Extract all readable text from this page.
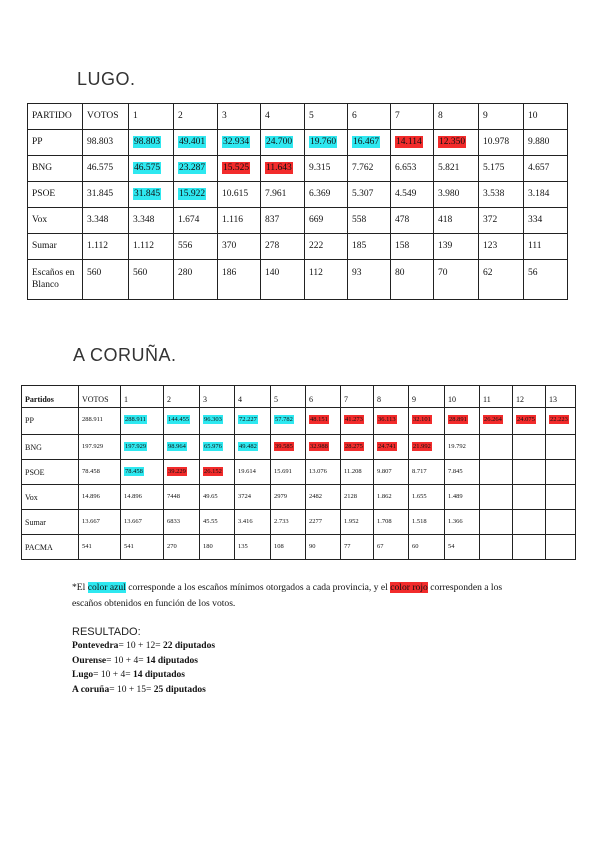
LUGO.
PARTIDO	VOTOS	1	2	3	4	5	6	7	8	9	10
PP	98.803	98.803	49.401	32.934	24.700	19.760	16.467	14.114	12.350	10.978	9.880
BNG	46.575	46.575	23.287	15.525	11.643	9.315	7.762	6.653	5.821	5.175	4.657
PSOE	31.845	31.845	15.922	10.615	7.961	6.369	5.307	4.549	3.980	3.538	3.184
Vox	3.348	3.348	1.674	1.116	837	669	558	478	418	372	334
Sumar	1.112	1.112	556	370	278	222	185	158	139	123	111
Escaños en Blanco	560	560	280	186	140	112	93	80	70	62	56
A CORUÑA.
Partidos	VOTOS	1	2	3	4	5	6	7	8	9	10	11	12	13
PP	288.911	288.911	144.455	96.303	72.227	57.782	48.151	41.273	36.113	32.101	28.891	26.264	24.075	22.223
BNG	197.929	197.929	98.964	65.976	49.482	39.585	32.988	28.275	24.741	21.992	19.792			
PSOE	78.458	78.458	39.229	26.152	19.614	15.691	13.076	11.208	9.807	8.717	7.845			
Vox	14.896	14.896	7448	49.65	3724	2979	2482	2128	1.862	1.655	1.489			
Sumar	13.667	13.667	6833	45.55	3.416	2.733	2277	1.952	1.708	1.518	1.366			
PACMA	541	541	270	180	135	108	90	77	67	60	54			

*El color azul corresponde a los escaños mínimos otorgados a cada provincia, y el color rojo corresponden a los escaños obtenidos en función de los votos.

RESULTADO:

Pontevedra= 10 + 12= 22 diputados

Ourense= 10 + 4= 14 diputados

Lugo= 10 + 4= 14 diputados

A coruña= 10 + 15= 25 diputados
